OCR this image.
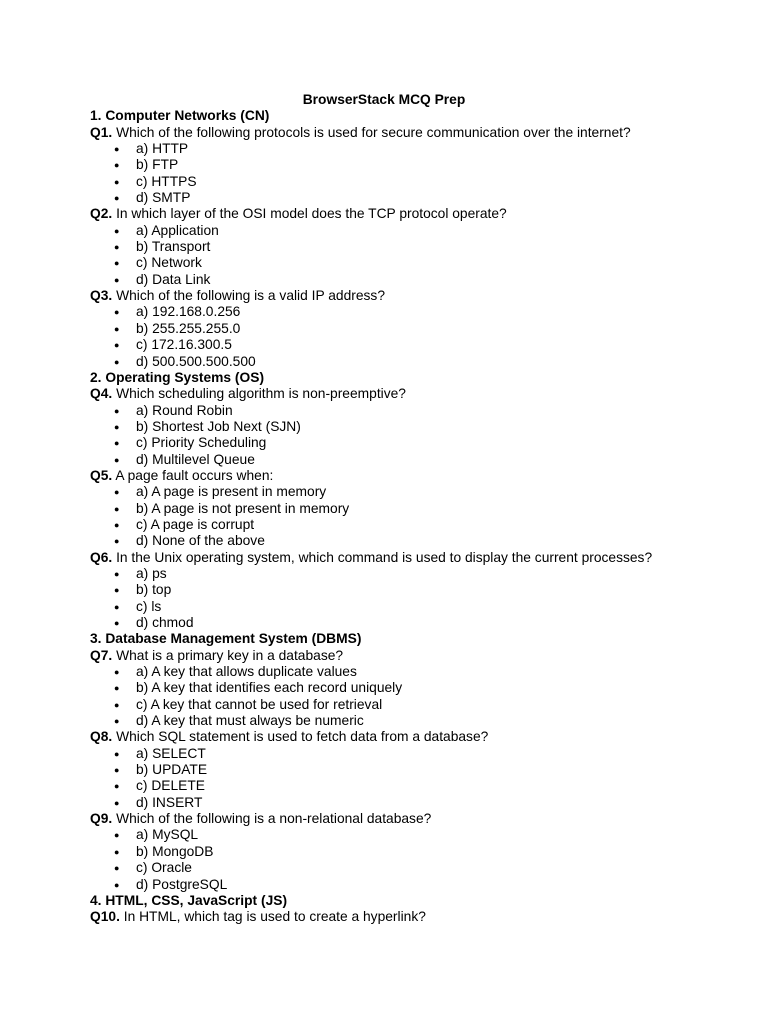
BrowserStack MCQ Prep
1. Computer Networks (CN)
Q1. Which of the following protocols is used for secure communication over the internet?
● a) HTTP
● b) FTP
● c) HTTPS
● d) SMTP
Q2. In which layer of the OSI model does the TCP protocol operate?
● a) Application
● b) Transport
● c) Network
● d) Data Link
Q3. Which of the following is a valid IP address?
● a) 192.168.0.256
● b) 255.255.255.0
● c) 172.16.300.5
● d) 500.500.500.500
2. Operating Systems (OS)
Q4. Which scheduling algorithm is non-preemptive?
● a) Round Robin
● b) Shortest Job Next (SJN)
● c) Priority Scheduling
● d) Multilevel Queue
Q5. A page fault occurs when:
● a) A page is present in memory
● b) A page is not present in memory
● c) A page is corrupt
● d) None of the above
Q6. In the Unix operating system, which command is used to display the current processes?
● a) ps
● b) top
● c) ls
● d) chmod
3. Database Management System (DBMS)
Q7. What is a primary key in a database?
● a) A key that allows duplicate values
● b) A key that identifies each record uniquely
● c) A key that cannot be used for retrieval
● d) A key that must always be numeric
Q8. Which SQL statement is used to fetch data from a database?
● a) SELECT
● b) UPDATE
● c) DELETE
● d) INSERT
Q9. Which of the following is a non-relational database?
● a) MySQL
● b) MongoDB
● c) Oracle
● d) PostgreSQL
4. HTML, CSS, JavaScript (JS)
Q10. In HTML, which tag is used to create a hyperlink?
